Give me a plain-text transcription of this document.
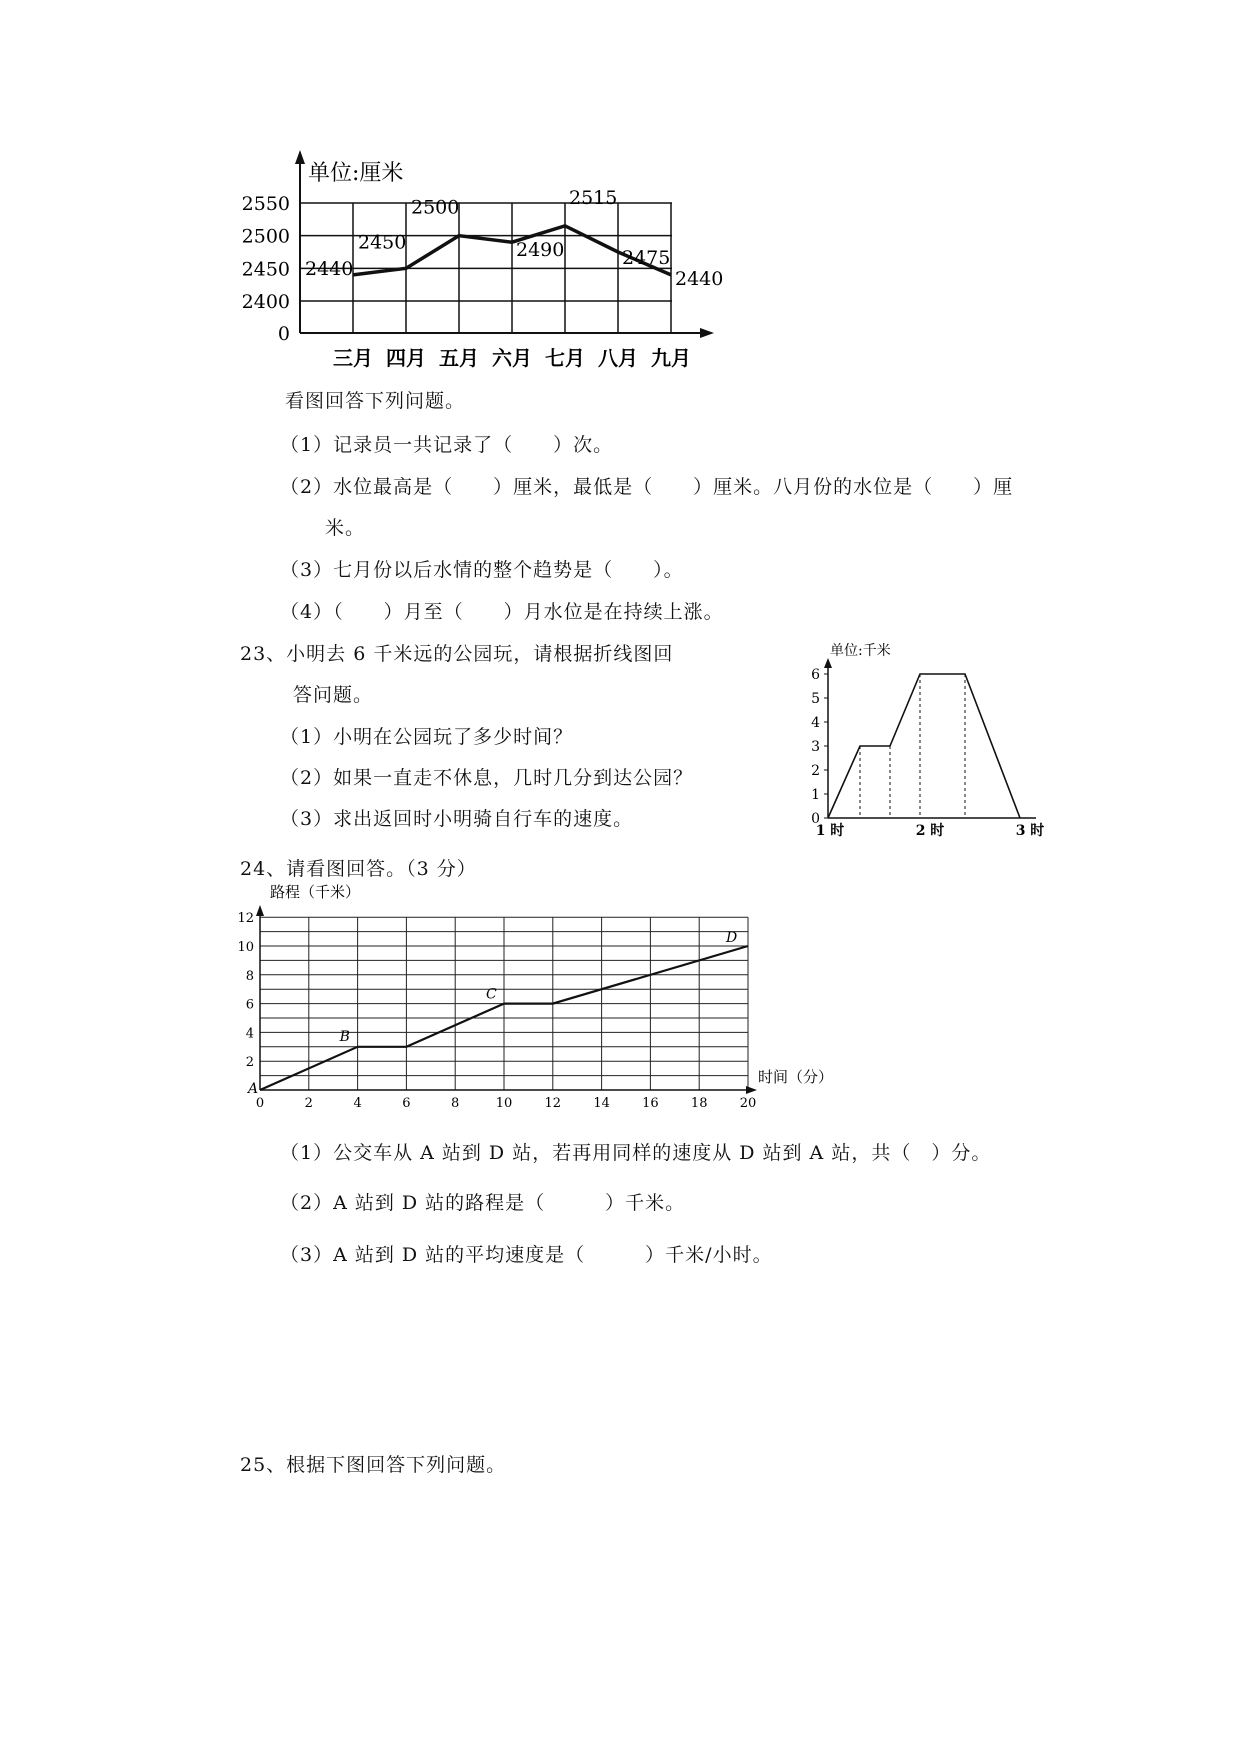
单位:厘米
2550
2500
2450
2400
0
三月 四月 五月 六月 七月 八月 九月
2440
2450
2500
2490
2515
2475
2440
单位:千米
0
1
2
3
4
5
6
1 时	2 时	3 时
路程（千米）
时间（分）
2
4
6
8
10
12
0	2	4	6	8	10 12 14 16 18 20
A
B
C
D
看图回答下列问题。
（1）记录员一共记录了（　　）次。
（2）水位最高是（　　）厘米，最低是（　　）厘米。八月份的水位是（　　）厘
米。
（3）七月份以后水情的整个趋势是（　　）。
（4）（　　）月至（　　）月水位是在持续上涨。
23、小明去 6 千米远的公园玩，请根据折线图回
答问题。
（1）小明在公园玩了多少时间？
（2）如果一直走不休息，几时几分到达公园？
（3）求出返回时小明骑自行车的速度。
24、请看图回答。（3 分）
（1）公交车从 A 站到 D 站，若再用同样的速度从 D 站到 A 站，共（　）分。
（2）A 站到 D 站的路程是（　　　）千米。
（3）A 站到 D 站的平均速度是（　　　）千米/小时。
25、根据下图回答下列问题。
